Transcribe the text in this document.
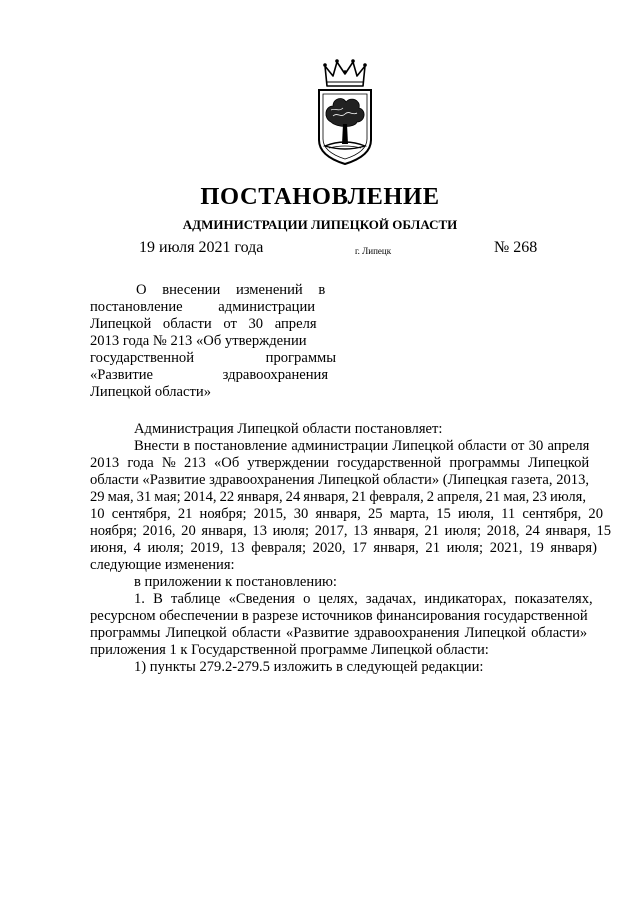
ПОСТАНОВЛЕНИЕ
АДМИНИСТРАЦИИ ЛИПЕЦКОЙ ОБЛАСТИ
19 июля 2021 года	г. Липецк	№ 268
О внесении изменений в
постановление администрации
Липецкой области от 30 апреля
2013 года № 213 «Об утверждении
государственной программы
«Развитие здравоохранения
Липецкой области»
Администрация Липецкой области постановляет:
Внести в постановление администрации Липецкой области от 30 апреля
2013 года № 213 «Об утверждении государственной программы Липецкой
области «Развитие здравоохранения Липецкой области» (Липецкая газета, 2013,
29 мая, 31 мая; 2014, 22 января, 24 января, 21 февраля, 2 апреля, 21 мая, 23 июля,
10 сентября, 21 ноября; 2015, 30 января, 25 марта, 15 июля, 11 сентября, 20
ноября; 2016, 20 января, 13 июля; 2017, 13 января, 21 июля; 2018, 24 января, 15
июня, 4 июля; 2019, 13 февраля; 2020, 17 января, 21 июля; 2021, 19 января)
следующие изменения:
в приложении к постановлению:
1. В таблице «Сведения о целях, задачах, индикаторах, показателях,
ресурсном обеспечении в разрезе источников финансирования государственной
программы Липецкой области «Развитие здравоохранения Липецкой области»
приложения 1 к Государственной программе Липецкой области:
1) пункты 279.2-279.5 изложить в следующей редакции:
